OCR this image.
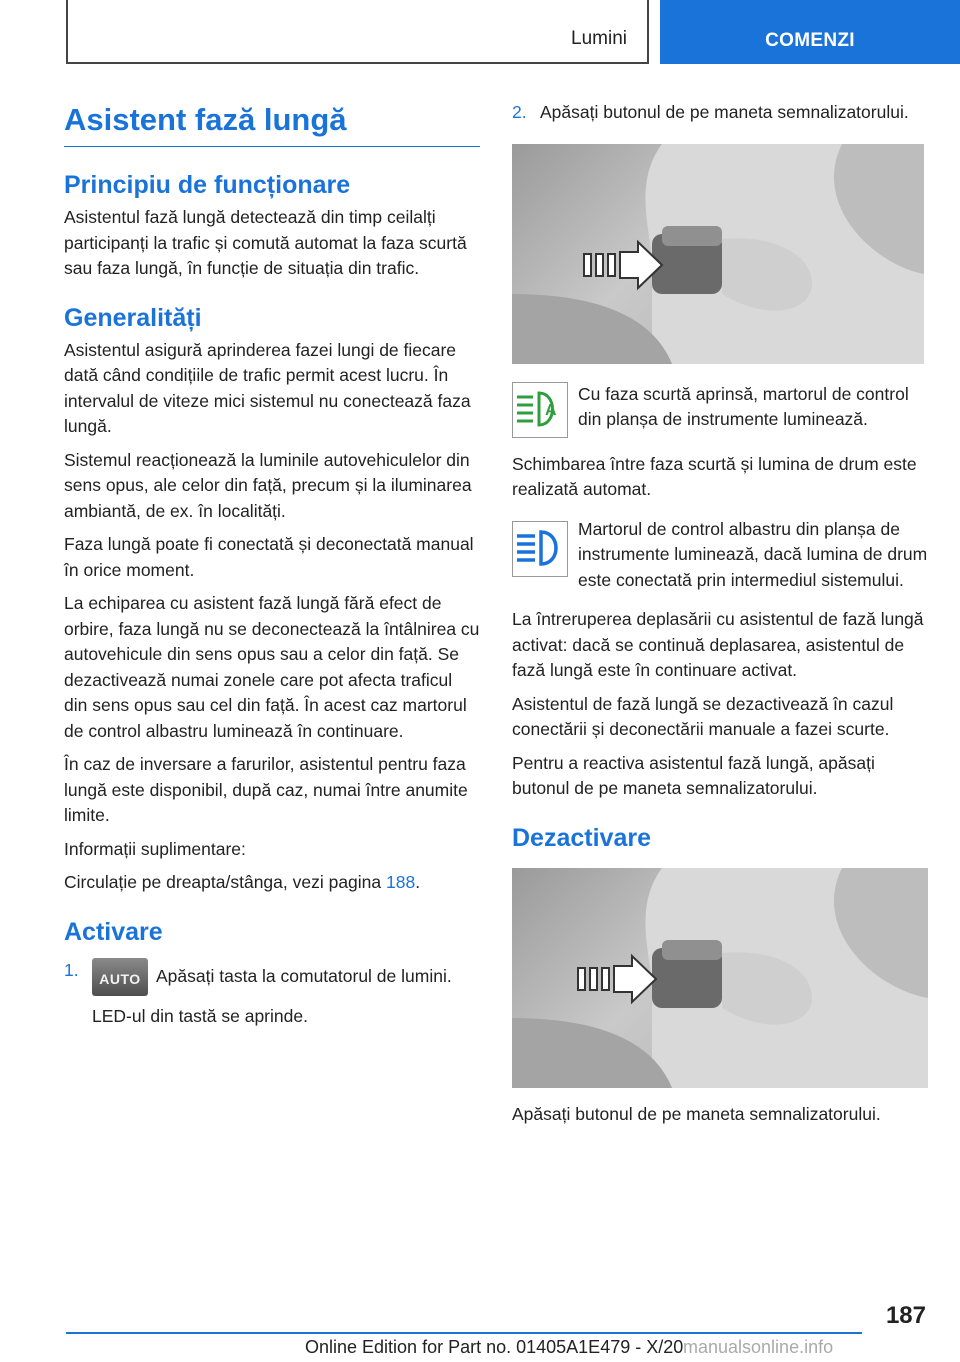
Lumini	COMENZI
Asistent fază lungă
Principiu de funcționare

Asistentul fază lungă detectează din timp ceilalți participanți la trafic și comută automat la faza scurtă sau faza lungă, în funcție de situația din trafic.

Generalități

Asistentul asigură aprinderea fazei lungi de fiecare dată când condițiile de trafic permit acest lucru. În intervalul de viteze mici sistemul nu conectează faza lungă.

Sistemul reacționează la luminile autovehiculelor din sens opus, ale celor din față, precum și la iluminarea ambiantă, de ex. în localități.

Faza lungă poate fi conectată și deconectată manual în orice moment.

La echiparea cu asistent fază lungă fără efect de orbire, faza lungă nu se deconectează la întâlnirea cu autovehicule din sens opus sau a celor din față. Se dezactivează numai zonele care pot afecta traficul din sens opus sau cel din față. În acest caz martorul de control albastru luminează în continuare.

În caz de inversare a farurilor, asistentul pentru faza lungă este disponibil, după caz, numai între anumite limite.

Informații suplimentare:

Circulație pe dreapta/stânga, vezi pagina 188.

Activare
1.	AUTO Apăsați tasta la comutatorul de lumini.

LED-ul din tastă se aprinde.

2. Apăsați butonul de pe maneta semnalizatorului.

A

Cu faza scurtă aprinsă, martorul de control din planșa de instrumente luminează.

Schimbarea între faza scurtă și lumina de drum este realizată automat.

Martorul de control albastru din planșa de instrumente luminează, dacă lumina de drum este conectată prin intermediul sistemului.

La întreruperea deplasării cu asistentul de fază lungă activat: dacă se continuă deplasarea, asistentul de fază lungă este în continuare activat.

Asistentul de fază lungă se dezactivează în cazul conectării și deconectării manuale a fazei scurte.

Pentru a reactiva asistentul fază lungă, apăsați butonul de pe maneta semnalizatorului.

Dezactivare

Apăsați butonul de pe maneta semnalizatorului.

187
Online Edition for Part no. 01405A1E479 - X/20 manualsonline.info
